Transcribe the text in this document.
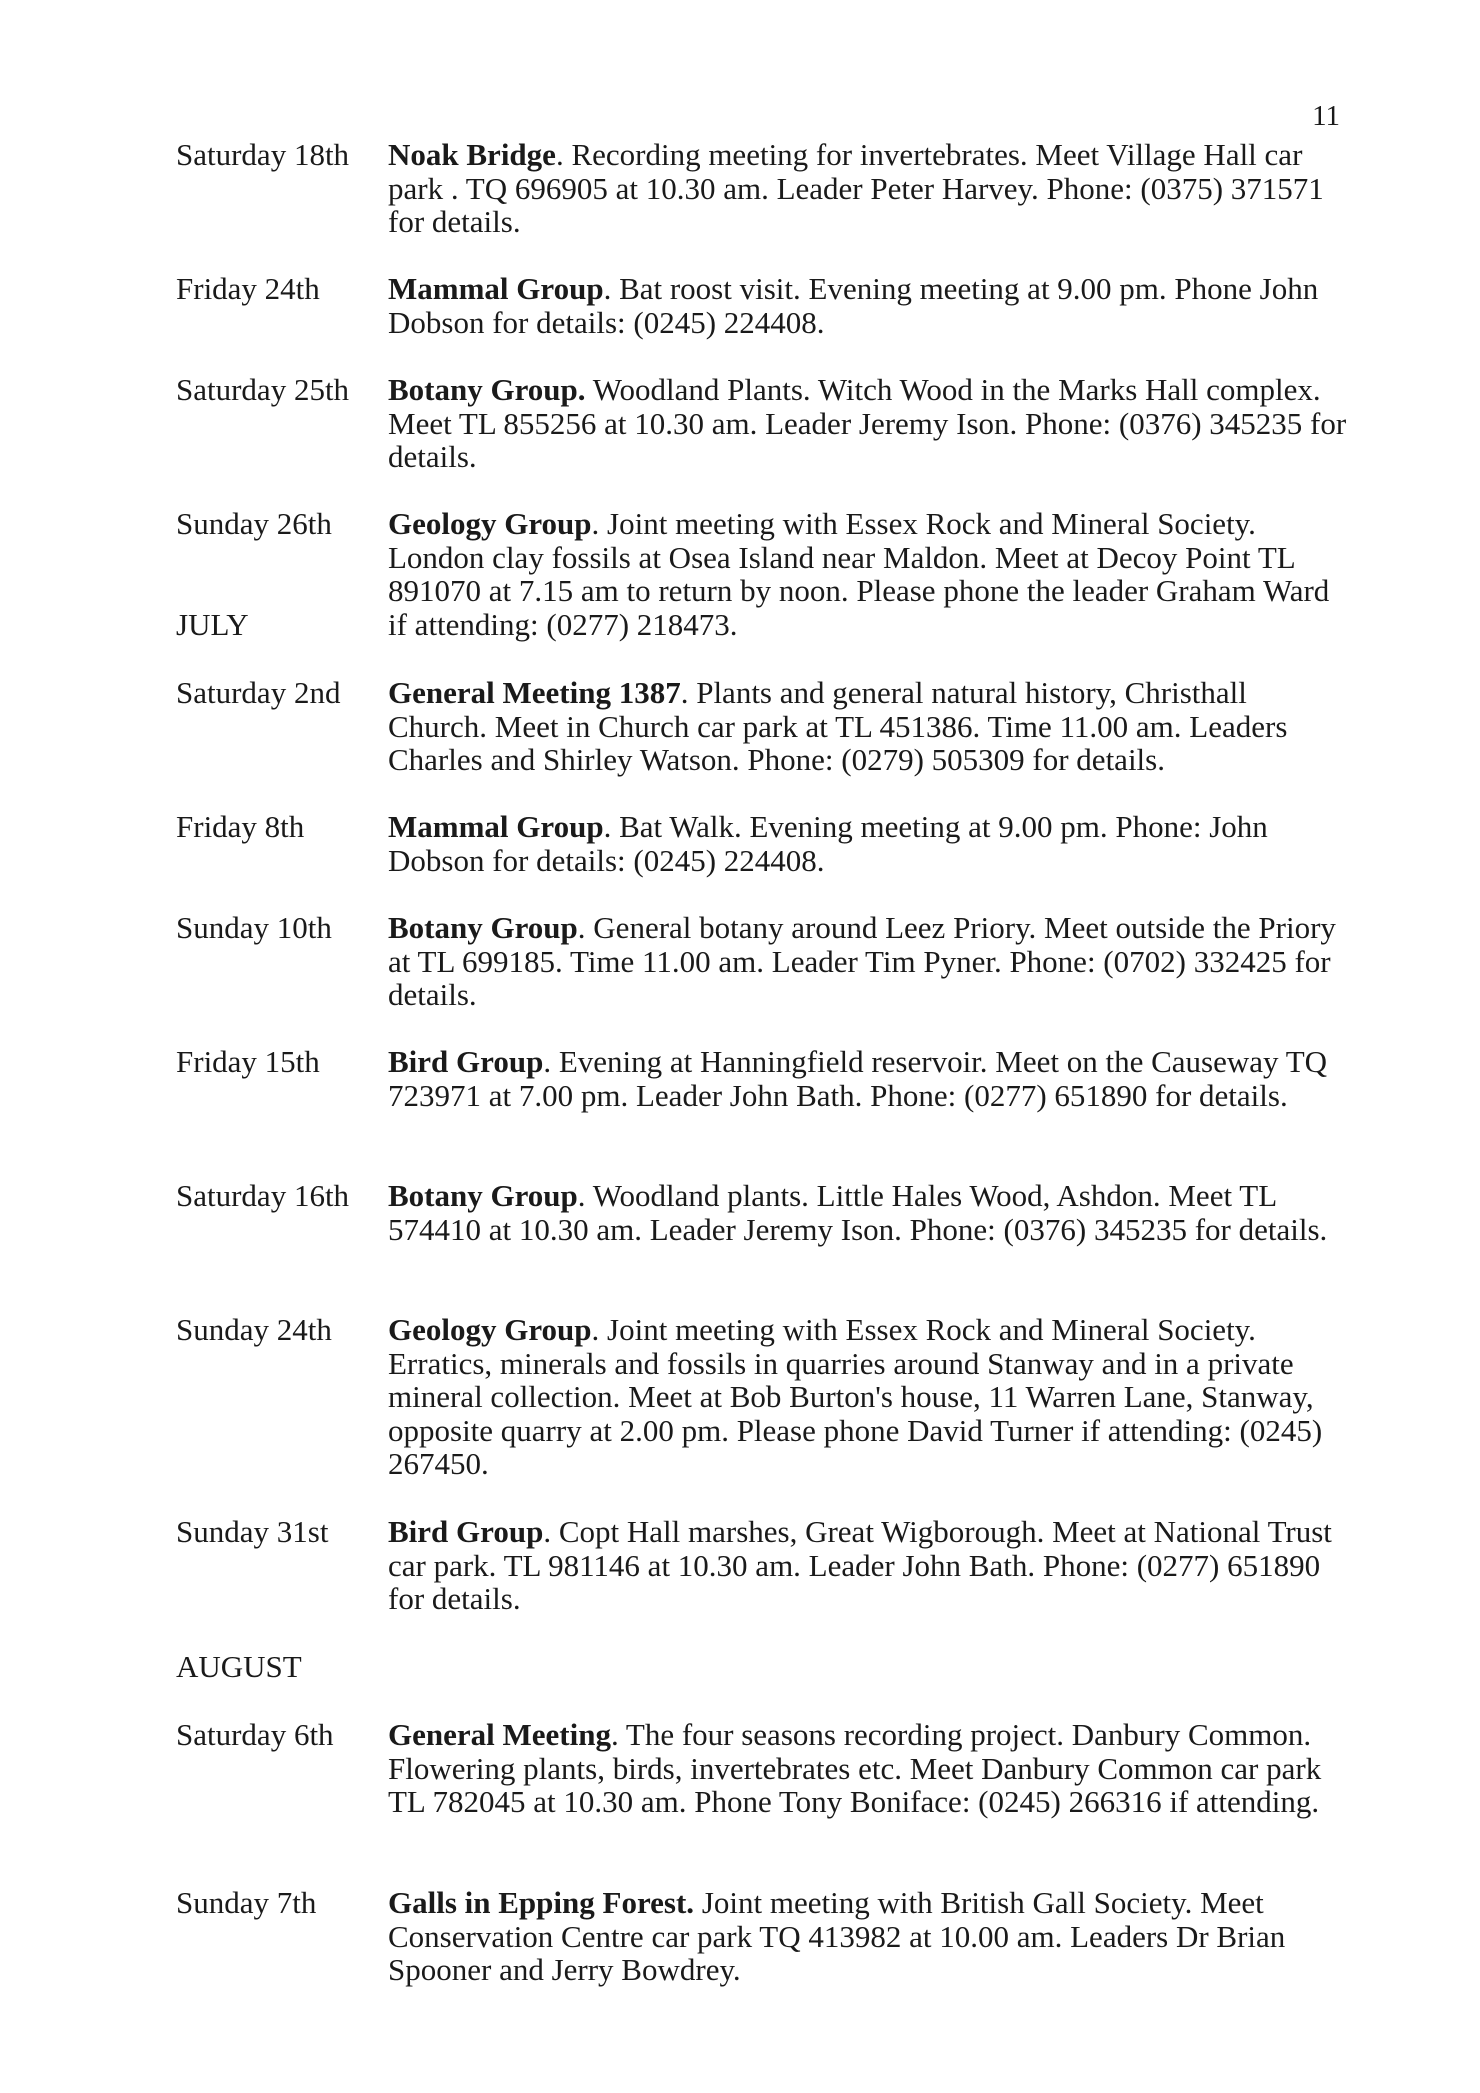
11
Saturday 18th	Noak Bridge. Recording meeting for invertebrates. Meet Village Hall car park . TQ 696905 at 10.30 am. Leader Peter Harvey. Phone: (0375) 371571 for details.
Friday 24th	Mammal Group. Bat roost visit. Evening meeting at 9.00 pm. Phone John Dobson for details: (0245) 224408.
Saturday 25th	Botany Group. Woodland Plants. Witch Wood in the Marks Hall complex. Meet TL 855256 at 10.30 am. Leader Jeremy Ison. Phone: (0376) 345235 for details.
Sunday 26th	Geology Group. Joint meeting with Essex Rock and Mineral Society. London clay fossils at Osea Island near Maldon. Meet at Decoy Point TL 891070 at 7.15 am to return by noon. Please phone the leader Graham Ward if attending: (0277) 218473.
JULY
Saturday 2nd	General Meeting 1387. Plants and general natural history, Christhall Church. Meet in Church car park at TL 451386. Time 11.00 am. Leaders Charles and Shirley Watson. Phone: (0279) 505309 for details.
Friday 8th	Mammal Group. Bat Walk. Evening meeting at 9.00 pm. Phone: John Dobson for details: (0245) 224408.
Sunday 10th	Botany Group. General botany around Leez Priory. Meet outside the Priory at TL 699185. Time 11.00 am. Leader Tim Pyner. Phone: (0702) 332425 for details.
Friday 15th	Bird Group. Evening at Hanningfield reservoir. Meet on the Causeway TQ 723971 at 7.00 pm. Leader John Bath. Phone: (0277) 651890 for details.
Saturday 16th	Botany Group. Woodland plants. Little Hales Wood, Ashdon. Meet TL 574410 at 10.30 am. Leader Jeremy Ison. Phone: (0376) 345235 for details.
Sunday 24th	Geology Group. Joint meeting with Essex Rock and Mineral Society. Erratics, minerals and fossils in quarries around Stanway and in a private mineral collection. Meet at Bob Burton's house, 11 Warren Lane, Stanway, opposite quarry at 2.00 pm. Please phone David Turner if attending: (0245) 267450.
Sunday 31st	Bird Group. Copt Hall marshes, Great Wigborough. Meet at National Trust car park. TL 981146 at 10.30 am. Leader John Bath. Phone: (0277) 651890 for details.
AUGUST
Saturday 6th	General Meeting. The four seasons recording project. Danbury Common. Flowering plants, birds, invertebrates etc. Meet Danbury Common car park TL 782045 at 10.30 am. Phone Tony Boniface: (0245) 266316 if attending.
Sunday 7th	Galls in Epping Forest. Joint meeting with British Gall Society. Meet Conservation Centre car park TQ 413982 at 10.00 am. Leaders Dr Brian Spooner and Jerry Bowdrey.
